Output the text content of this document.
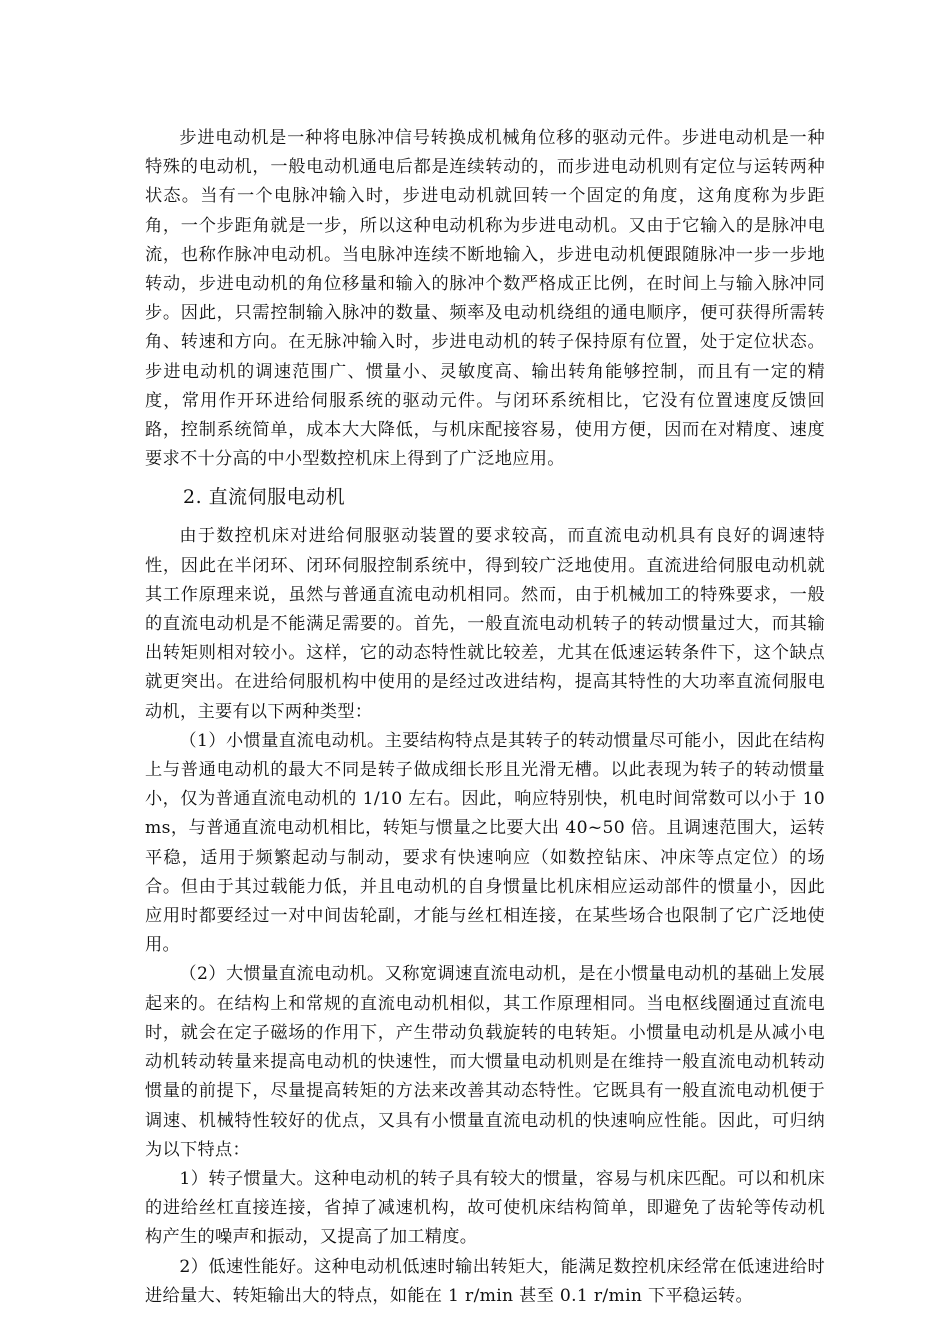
步进电动机是一种将电脉冲信号转换成机械角位移的驱动元件。步进电动机是一种特殊的电动机，一般电动机通电后都是连续转动的，而步进电动机则有定位与运转两种状态。当有一个电脉冲输入时，步进电动机就回转一个固定的角度，这角度称为步距角，一个步距角就是一步，所以这种电动机称为步进电动机。又由于它输入的是脉冲电流，也称作脉冲电动机。当电脉冲连续不断地输入，步进电动机便跟随脉冲一步一步地转动，步进电动机的角位移量和输入的脉冲个数严格成正比例，在时间上与输入脉冲同步。因此，只需控制输入脉冲的数量、频率及电动机绕组的通电顺序，便可获得所需转角、转速和方向。在无脉冲输入时，步进电动机的转子保持原有位置，处于定位状态。步进电动机的调速范围广、惯量小、灵敏度高、输出转角能够控制，而且有一定的精度，常用作开环进给伺服系统的驱动元件。与闭环系统相比，它没有位置速度反馈回路，控制系统简单，成本大大降低，与机床配接容易，使用方便，因而在对精度、速度要求不十分高的中小型数控机床上得到了广泛地应用。

2. 直流伺服电动机

由于数控机床对进给伺服驱动装置的要求较高，而直流电动机具有良好的调速特性，因此在半闭环、闭环伺服控制系统中，得到较广泛地使用。直流进给伺服电动机就其工作原理来说，虽然与普通直流电动机相同。然而，由于机械加工的特殊要求，一般的直流电动机是不能满足需要的。首先，一般直流电动机转子的转动惯量过大，而其输出转矩则相对较小。这样，它的动态特性就比较差，尤其在低速运转条件下，这个缺点就更突出。在进给伺服机构中使用的是经过改进结构，提高其特性的大功率直流伺服电动机，主要有以下两种类型：

（1）小惯量直流电动机。主要结构特点是其转子的转动惯量尽可能小，因此在结构上与普通电动机的最大不同是转子做成细长形且光滑无槽。以此表现为转子的转动惯量小，仅为普通直流电动机的 1/10 左右。因此，响应特别快，机电时间常数可以小于 10 ms，与普通直流电动机相比，转矩与惯量之比要大出 40~50 倍。且调速范围大，运转平稳，适用于频繁起动与制动，要求有快速响应（如数控钻床、冲床等点定位）的场合。但由于其过载能力低，并且电动机的自身惯量比机床相应运动部件的惯量小，因此应用时都要经过一对中间齿轮副，才能与丝杠相连接，在某些场合也限制了它广泛地使用。

（2）大惯量直流电动机。又称宽调速直流电动机，是在小惯量电动机的基础上发展起来的。在结构上和常规的直流电动机相似，其工作原理相同。当电枢线圈通过直流电时，就会在定子磁场的作用下，产生带动负载旋转的电转矩。小惯量电动机是从减小电动机转动转量来提高电动机的快速性，而大惯量电动机则是在维持一般直流电动机转动惯量的前提下，尽量提高转矩的方法来改善其动态特性。它既具有一般直流电动机便于调速、机械特性较好的优点，又具有小惯量直流电动机的快速响应性能。因此，可归纳为以下特点：

1）转子惯量大。这种电动机的转子具有较大的惯量，容易与机床匹配。可以和机床的进给丝杠直接连接，省掉了减速机构，故可使机床结构简单，即避免了齿轮等传动机构产生的噪声和振动，又提高了加工精度。

2）低速性能好。这种电动机低速时输出转矩大，能满足数控机床经常在低速进给时进给量大、转矩输出大的特点，如能在 1 r/min 甚至 0.1 r/min 下平稳运转。
